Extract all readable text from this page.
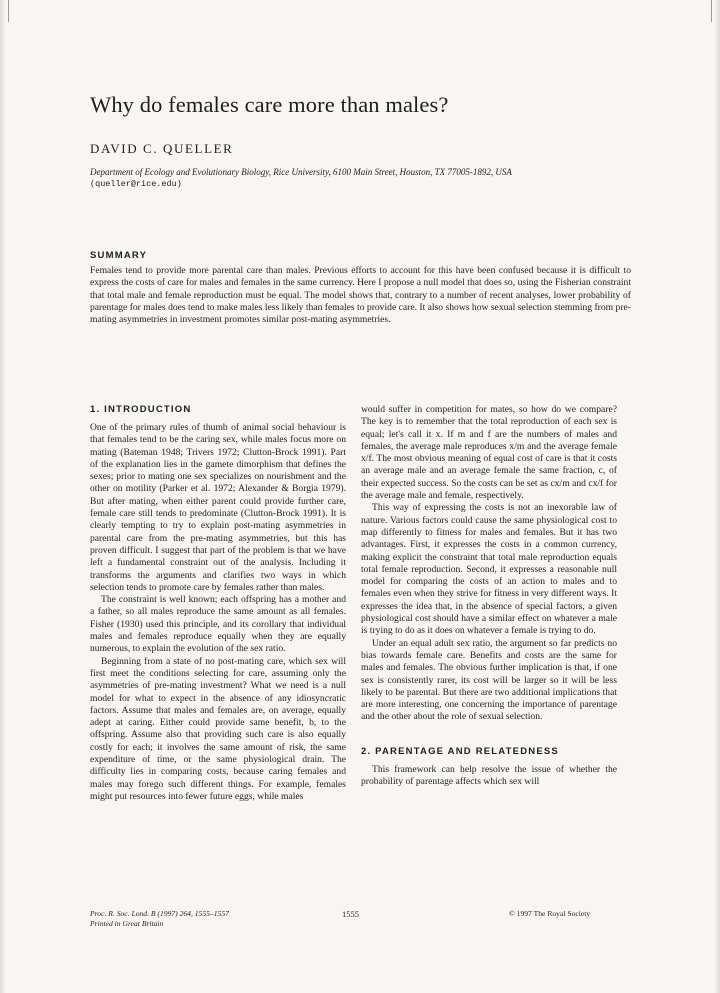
Why do females care more than males?

DAVID C. QUELLER

Department of Ecology and Evolutionary Biology, Rice University, 6100 Main Street, Houston, TX 77005-1892, USA

(queller@rice.edu)

SUMMARY

Females tend to provide more parental care than males. Previous efforts to account for this have been confused because it is difficult to express the costs of care for males and females in the same currency. Here I propose a null model that does so, using the Fisherian constraint that total male and female reproduction must be equal. The model shows that, contrary to a number of recent analyses, lower probability of parentage for males does tend to make males less likely than females to provide care. It also shows how sexual selection stemming from pre-mating asymmetries in investment promotes similar post-mating asymmetries.

1. INTRODUCTION

One of the primary rules of thumb of animal social behaviour is that females tend to be the caring sex, while males focus more on mating (Bateman 1948; Trivers 1972; Clutton-Brock 1991). Part of the explanation lies in the gamete dimorphism that defines the sexes; prior to mating one sex specializes on nourishment and the other on motility (Parker et al. 1972; Alexander & Borgia 1979). But after mating, when either parent could provide further care, female care still tends to predominate (Clutton-Brock 1991). It is clearly tempting to try to explain post-mating asymmetries in parental care from the pre-mating asymmetries, but this has proven difficult. I suggest that part of the problem is that we have left a fundamental constraint out of the analysis. Including it transforms the arguments and clarifies two ways in which selection tends to promote care by females rather than males.

The constraint is well known; each offspring has a mother and a father, so all males reproduce the same amount as all females. Fisher (1930) used this principle, and its corollary that individual males and females reproduce equally when they are equally numerous, to explain the evolution of the sex ratio.

Beginning from a state of no post-mating care, which sex will first meet the conditions selecting for care, assuming only the asymmetries of pre-mating investment? What we need is a null model for what to expect in the absence of any idiosyncratic factors. Assume that males and females are, on average, equally adept at caring. Either could provide same benefit, b, to the offspring. Assume also that providing such care is also equally costly for each; it involves the same amount of risk, the same expenditure of time, or the same physiological drain. The difficulty lies in comparing costs, because caring females and males may forego such different things. For example, females might put resources into fewer future eggs, while males

would suffer in competition for mates, so how do we compare? The key is to remember that the total reproduction of each sex is equal; let's call it x. If m and f are the numbers of males and females, the average male reproduces x/m and the average female x/f. The most obvious meaning of equal cost of care is that it costs an average male and an average female the same fraction, c, of their expected success. So the costs can be set as cx/m and cx/f for the average male and female, respectively.

This way of expressing the costs is not an inexorable law of nature. Various factors could cause the same physiological cost to map differently to fitness for males and females. But it has two advantages. First, it expresses the costs in a common currency, making explicit the constraint that total male reproduction equals total female reproduction. Second, it expresses a reasonable null model for comparing the costs of an action to males and to females even when they strive for fitness in very different ways. It expresses the idea that, in the absence of special factors, a given physiological cost should have a similar effect on whatever a male is trying to do as it does on whatever a female is trying to do.

Under an equal adult sex ratio, the argument so far predicts no bias towards female care. Benefits and costs are the same for males and females. The obvious further implication is that, if one sex is consistently rarer, its cost will be larger so it will be less likely to be parental. But there are two additional implications that are more interesting, one concerning the importance of parentage and the other about the role of sexual selection.

2. PARENTAGE AND RELATEDNESS

This framework can help resolve the issue of whether the probability of parentage affects which sex will

Proc. R. Soc. Lond. B (1997) 264, 1555–1557
Printed in Great Britain

1555	© 1997 The Royal Society
